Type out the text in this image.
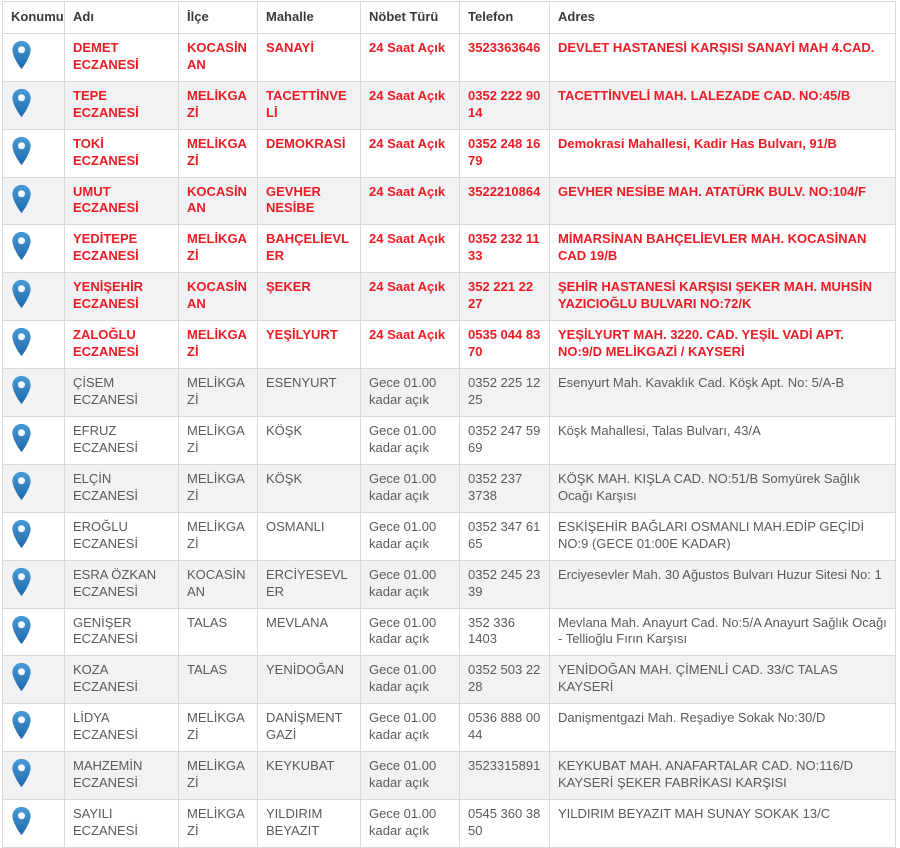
Konumu	Adı	İlçe	Mahalle	Nöbet Türü	Telefon	Adres
	DEMET ECZANESİ	KOCASİNAN	SANAYİ	24 Saat Açık	3523363646	DEVLET HASTANESİ KARŞISI SANAYİ MAH 4.CAD.
	TEPE ECZANESİ	MELİKGAZİ	TACETTİNVELİ	24 Saat Açık	0352 222 90 14	TACETTİNVELİ MAH. LALEZADE CAD. NO:45/B
	TOKİ ECZANESİ	MELİKGAZİ	DEMOKRASİ	24 Saat Açık	0352 248 16 79	Demokrasi Mahallesi, Kadir Has Bulvarı, 91/B
	UMUT ECZANESİ	KOCASİNAN	GEVHER NESİBE	24 Saat Açık	3522210864	GEVHER NESİBE MAH. ATATÜRK BULV. NO:104/F
	YEDİTEPE ECZANESİ	MELİKGAZİ	BAHÇELİEVLER	24 Saat Açık	0352 232 11 33	MİMARSİNAN BAHÇELİEVLER MAH. KOCASİNAN CAD 19/B
	YENİŞEHİR ECZANESİ	KOCASİNAN	ŞEKER	24 Saat Açık	352 221 22 27	ŞEHİR HASTANESİ KARŞISI ŞEKER MAH. MUHSİN YAZICIOĞLU BULVARI NO:72/K
	ZALOĞLU ECZANESİ	MELİKGAZİ	YEŞİLYURT	24 Saat Açık	0535 044 83 70	YEŞİLYURT MAH. 3220. CAD. YEŞİL VADİ APT. NO:9/D MELİKGAZİ / KAYSERİ
	ÇİSEM ECZANESİ	MELİKGAZİ	ESENYURT	Gece 01.00 kadar açık	0352 225 12 25	Esenyurt Mah. Kavaklık Cad. Köşk Apt. No: 5/A-B
	EFRUZ ECZANESİ	MELİKGAZİ	KÖŞK	Gece 01.00 kadar açık	0352 247 59 69	Köşk Mahallesi, Talas Bulvarı, 43/A
	ELÇİN ECZANESİ	MELİKGAZİ	KÖŞK	Gece 01.00 kadar açık	0352 237 3738	KÖŞK MAH. KIŞLA CAD. NO:51/B Somyürek Sağlık Ocağı Karşısı
	EROĞLU ECZANESİ	MELİKGAZİ	OSMANLI	Gece 01.00 kadar açık	0352 347 61 65	ESKİŞEHİR BAĞLARI OSMANLI MAH.EDİP GEÇİDİ NO:9 (GECE 01:00E KADAR)
	ESRA ÖZKAN ECZANESİ	KOCASİNAN	ERCİYESEVLER	Gece 01.00 kadar açık	0352 245 23 39	Erciyesevler Mah. 30 Ağustos Bulvarı Huzur Sitesi No: 1
	GENİŞER ECZANESİ	TALAS	MEVLANA	Gece 01.00 kadar açık	352 336 1403	Mevlana Mah. Anayurt Cad. No:5/A Anayurt Sağlık Ocağı - Tellioğlu Fırın Karşısı
	KOZA ECZANESİ	TALAS	YENİDOĞAN	Gece 01.00 kadar açık	0352 503 22 28	YENİDOĞAN MAH. ÇİMENLİ CAD. 33/C TALAS KAYSERİ
	LİDYA ECZANESİ	MELİKGAZİ	DANİŞMENTGAZİ	Gece 01.00 kadar açık	0536 888 00 44	Danişmentgazi Mah. Reşadiye Sokak No:30/D
	MAHZEMİN ECZANESİ	MELİKGAZİ	KEYKUBAT	Gece 01.00 kadar açık	3523315891	KEYKUBAT MAH. ANAFARTALAR CAD. NO:116/D KAYSERİ ŞEKER FABRİKASI KARŞISI
	SAYILI ECZANESİ	MELİKGAZİ	YILDIRIM BEYAZIT	Gece 01.00 kadar açık	0545 360 38 50	YILDIRIM BEYAZIT MAH SUNAY SOKAK 13/C
